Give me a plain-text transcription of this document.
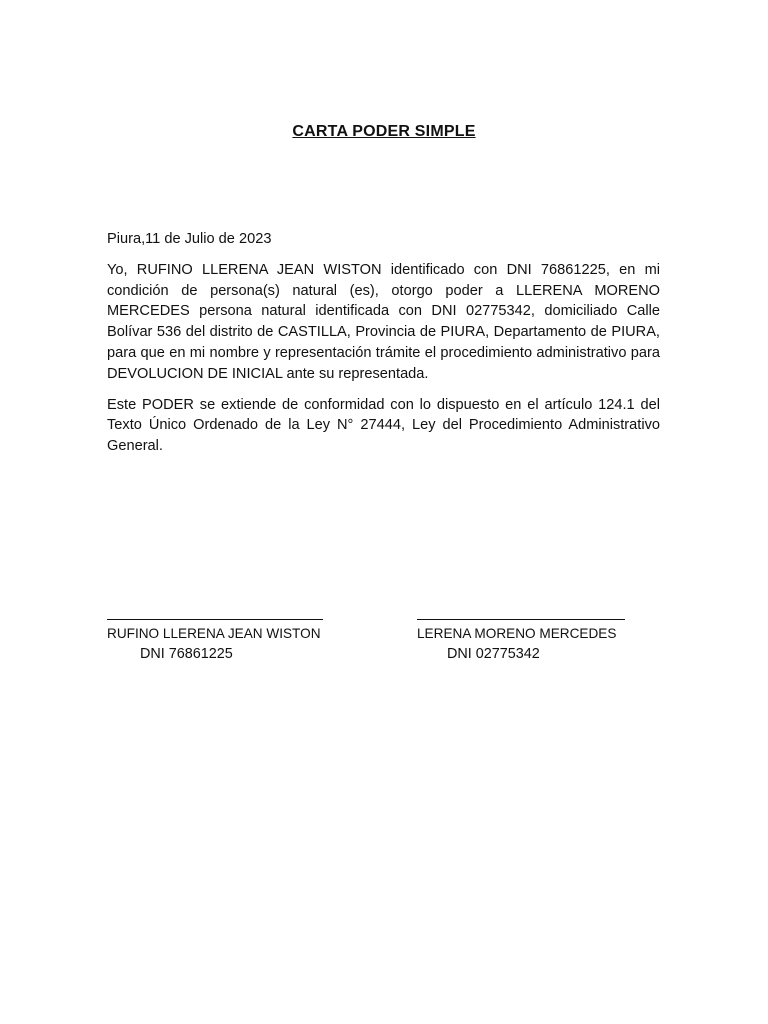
CARTA PODER SIMPLE

Piura,11 de Julio de 2023

Yo, RUFINO LLERENA JEAN WISTON identificado con DNI 76861225, en mi condición de persona(s) natural (es), otorgo poder a LLERENA MORENO MERCEDES persona natural identificada con DNI 02775342, domiciliado Calle Bolívar 536 del distrito de CASTILLA, Provincia de PIURA, Departamento de PIURA, para que en mi nombre y representación trámite el procedimiento administrativo para DEVOLUCION DE INICIAL ante su representada.

Este PODER se extiende de conformidad con lo dispuesto en el artículo 124.1 del Texto Único Ordenado de la Ley N° 27444, Ley del Procedimiento Administrativo General.

RUFINO LLERENA JEAN WISTON
DNI 76861225
LERENA MORENO MERCEDES
DNI 02775342
